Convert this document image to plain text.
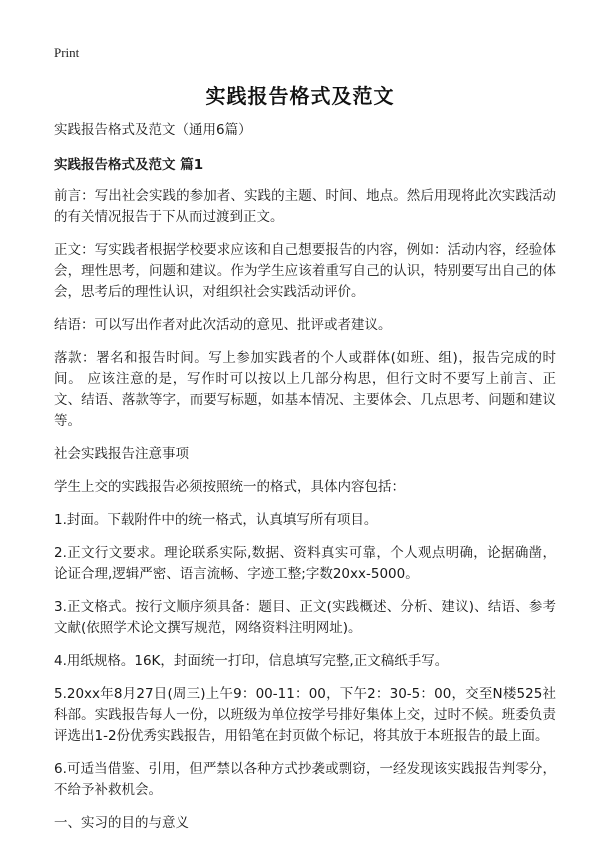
Print
实践报告格式及范文
实践报告格式及范文（通用6篇）
实践报告格式及范文 篇1
前言：写出社会实践的参加者、实践的主题、时间、地点。然后用现将此次实践活动的有关情况报告于下从而过渡到正文。
正文：写实践者根据学校要求应该和自己想要报告的内容，例如：活动内容，经验体会，理性思考，问题和建议。作为学生应该着重写自己的认识，特别要写出自己的体会，思考后的理性认识，对组织社会实践活动评价。
结语：可以写出作者对此次活动的意见、批评或者建议。
落款：署名和报告时间。写上参加实践者的个人或群体(如班、组)，报告完成的时间。 应该注意的是，写作时可以按以上几部分构思，但行文时不要写上前言、正文、结语、落款等字，而要写标题，如基本情况、主要体会、几点思考、问题和建议等。
社会实践报告注意事项
学生上交的实践报告必须按照统一的格式，具体内容包括：
1.封面。下载附件中的统一格式，认真填写所有项目。
2.正文行文要求。理论联系实际,数据、资料真实可靠，个人观点明确，论据确凿，论证合理,逻辑严密、语言流畅、字迹工整;字数20xx-5000。
3.正文格式。按行文顺序须具备：题目、正文(实践概述、分析、建议)、结语、参考文献(依照学术论文撰写规范，网络资料注明网址)。
4.用纸规格。16K，封面统一打印，信息填写完整,正文稿纸手写。
5.20xx年8月27日(周三)上午9：00-11：00，下午2：30-5：00，交至N楼525社科部。实践报告每人一份，以班级为单位按学号排好集体上交，过时不候。班委负责评选出1-2份优秀实践报告，用铅笔在封页做个标记，将其放于本班报告的最上面。
6.可适当借鉴、引用，但严禁以各种方式抄袭或剽窃，一经发现该实践报告判零分，不给予补救机会。
一、实习的目的与意义
